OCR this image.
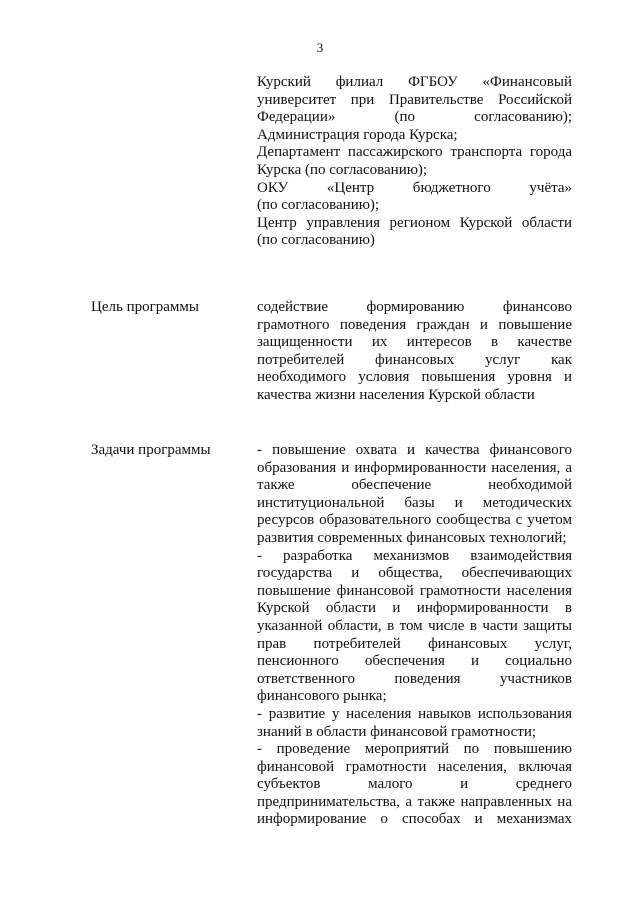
3
Курский филиал ФГБОУ «Финансовый
университет при Правительстве Российской
Федерации» (по согласованию);
Администрация города Курска;
Департамент пассажирского транспорта города
Курска (по согласованию);
ОКУ «Центр бюджетного учёта»
(по согласованию);
Центр управления регионом Курской области
(по согласованию)
Цель программы	содействие формированию финансово
грамотного поведения граждан и повышение
защищенности их интересов в качестве
потребителей финансовых услуг как
необходимого условия повышения уровня и
качества жизни населения Курской области
Задачи программы	- повышение охвата и качества финансового
образования и информированности населения, а
также обеспечение необходимой
институциональной базы и методических
ресурсов образовательного сообщества с учетом
развития современных финансовых технологий;
- разработка механизмов взаимодействия
государства и общества, обеспечивающих
повышение финансовой грамотности населения
Курской области и информированности в
указанной области, в том числе в части защиты
прав потребителей финансовых услуг,
пенсионного обеспечения и социально
ответственного поведения участников
финансового рынка;
- развитие у населения навыков использования
знаний в области финансовой грамотности;
- проведение мероприятий по повышению
финансовой грамотности населения, включая
субъектов малого и среднего
предпринимательства, а также направленных на
информирование о способах и механизмах
